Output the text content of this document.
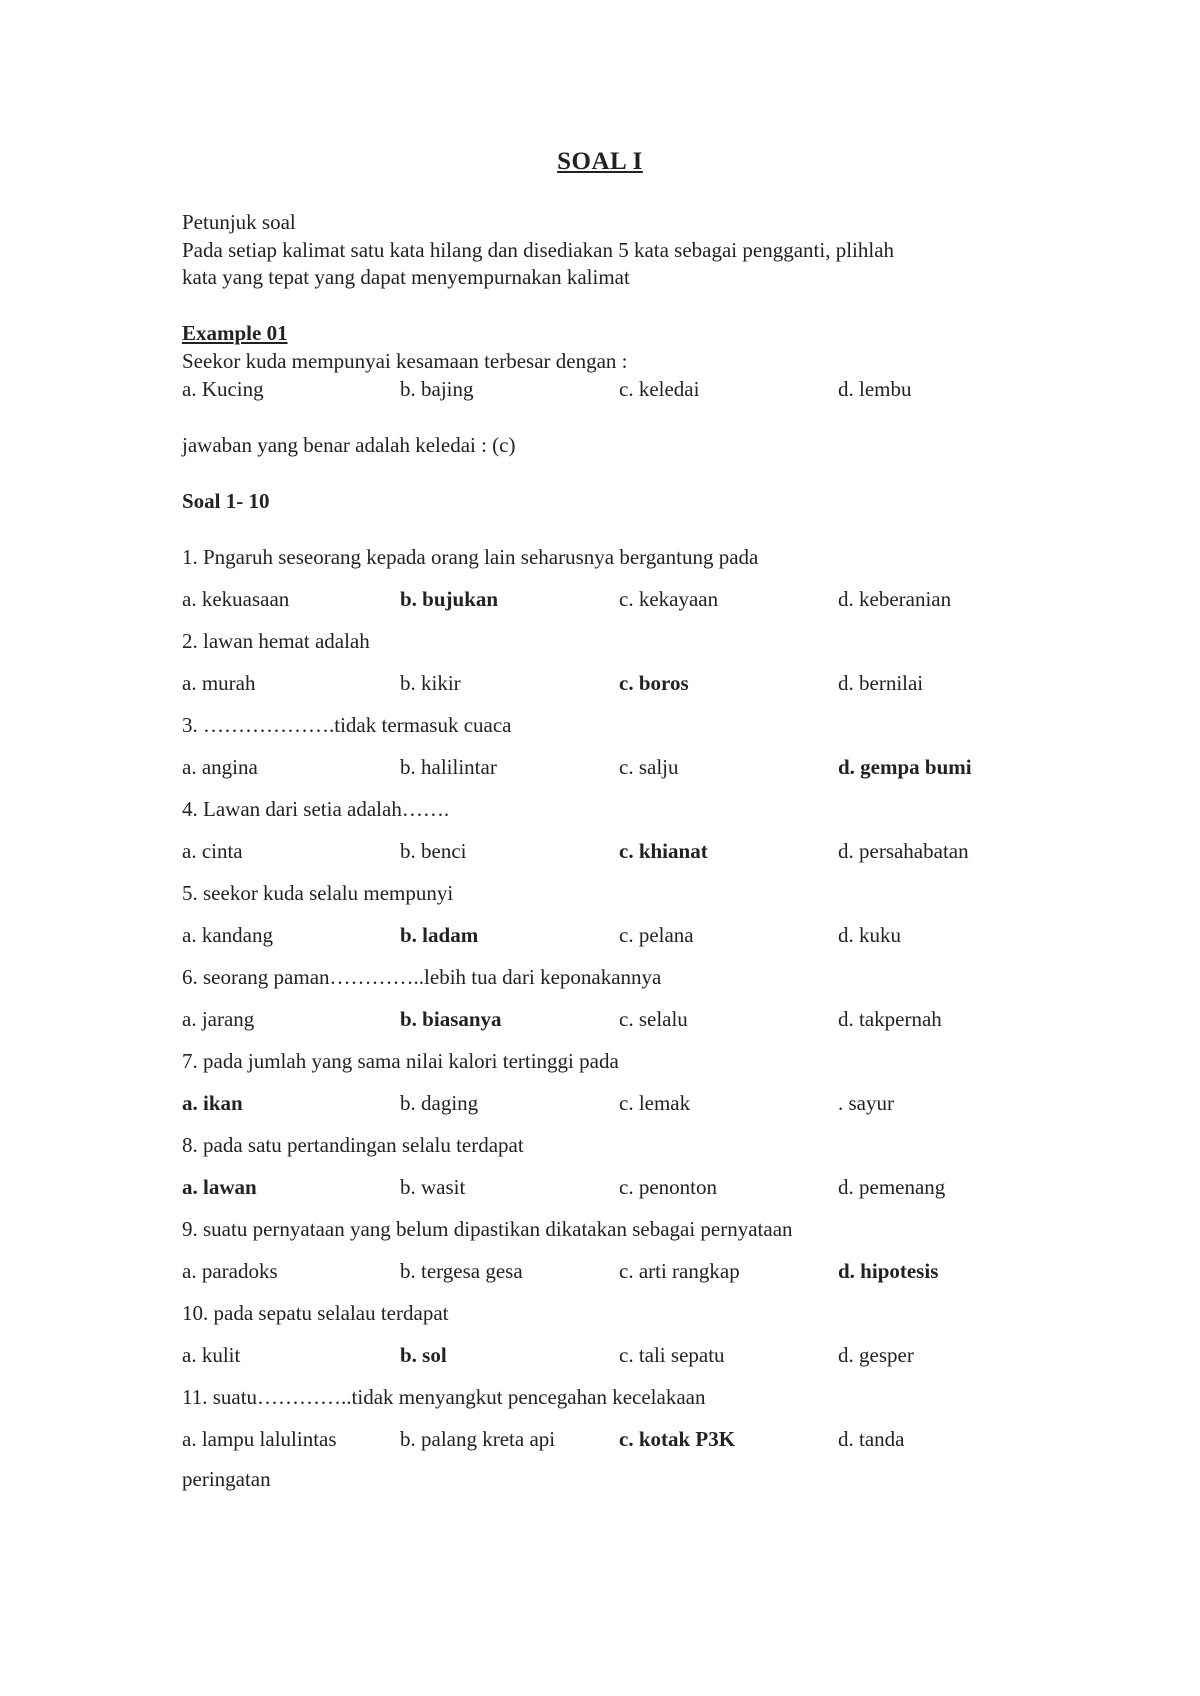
SOAL I
Petunjuk soal
Pada setiap kalimat satu kata hilang dan disediakan 5 kata sebagai pengganti, plihlah
kata yang tepat yang dapat menyempurnakan kalimat
Example 01
Seekor kuda mempunyai kesamaan terbesar dengan :
a. Kucing	b. bajing	c. keledai	d. lembu
jawaban yang benar adalah keledai : (c)
Soal 1- 10
1. Pngaruh seseorang kepada orang lain seharusnya bergantung pada
a. kekuasaan	b. bujukan	c. kekayaan	d. keberanian
2. lawan hemat adalah
a. murah	b. kikir	c. boros	d. bernilai
3. ……………….tidak termasuk cuaca
a. angina	b. halilintar	c. salju	d. gempa bumi
4. Lawan dari setia adalah…….
a. cinta	b. benci	c. khianat	d. persahabatan
5. seekor kuda selalu mempunyi
a. kandang	b. ladam	c. pelana	d. kuku
6. seorang paman…………..lebih tua dari keponakannya
a. jarang	b. biasanya	c. selalu	d. takpernah
7. pada jumlah yang sama nilai kalori tertinggi pada
a. ikan	b. daging	c. lemak	. sayur
8. pada satu pertandingan selalu terdapat
a. lawan	b. wasit	c. penonton	d. pemenang
9. suatu pernyataan yang belum dipastikan dikatakan sebagai pernyataan
a. paradoks	b. tergesa gesa	c. arti rangkap	d. hipotesis
10. pada sepatu selalau terdapat
a. kulit	b. sol	c. tali sepatu	d. gesper
11. suatu…………..tidak menyangkut pencegahan kecelakaan
a. lampu lalulintas	b. palang kreta api	c. kotak P3K	d. tanda
peringatan
